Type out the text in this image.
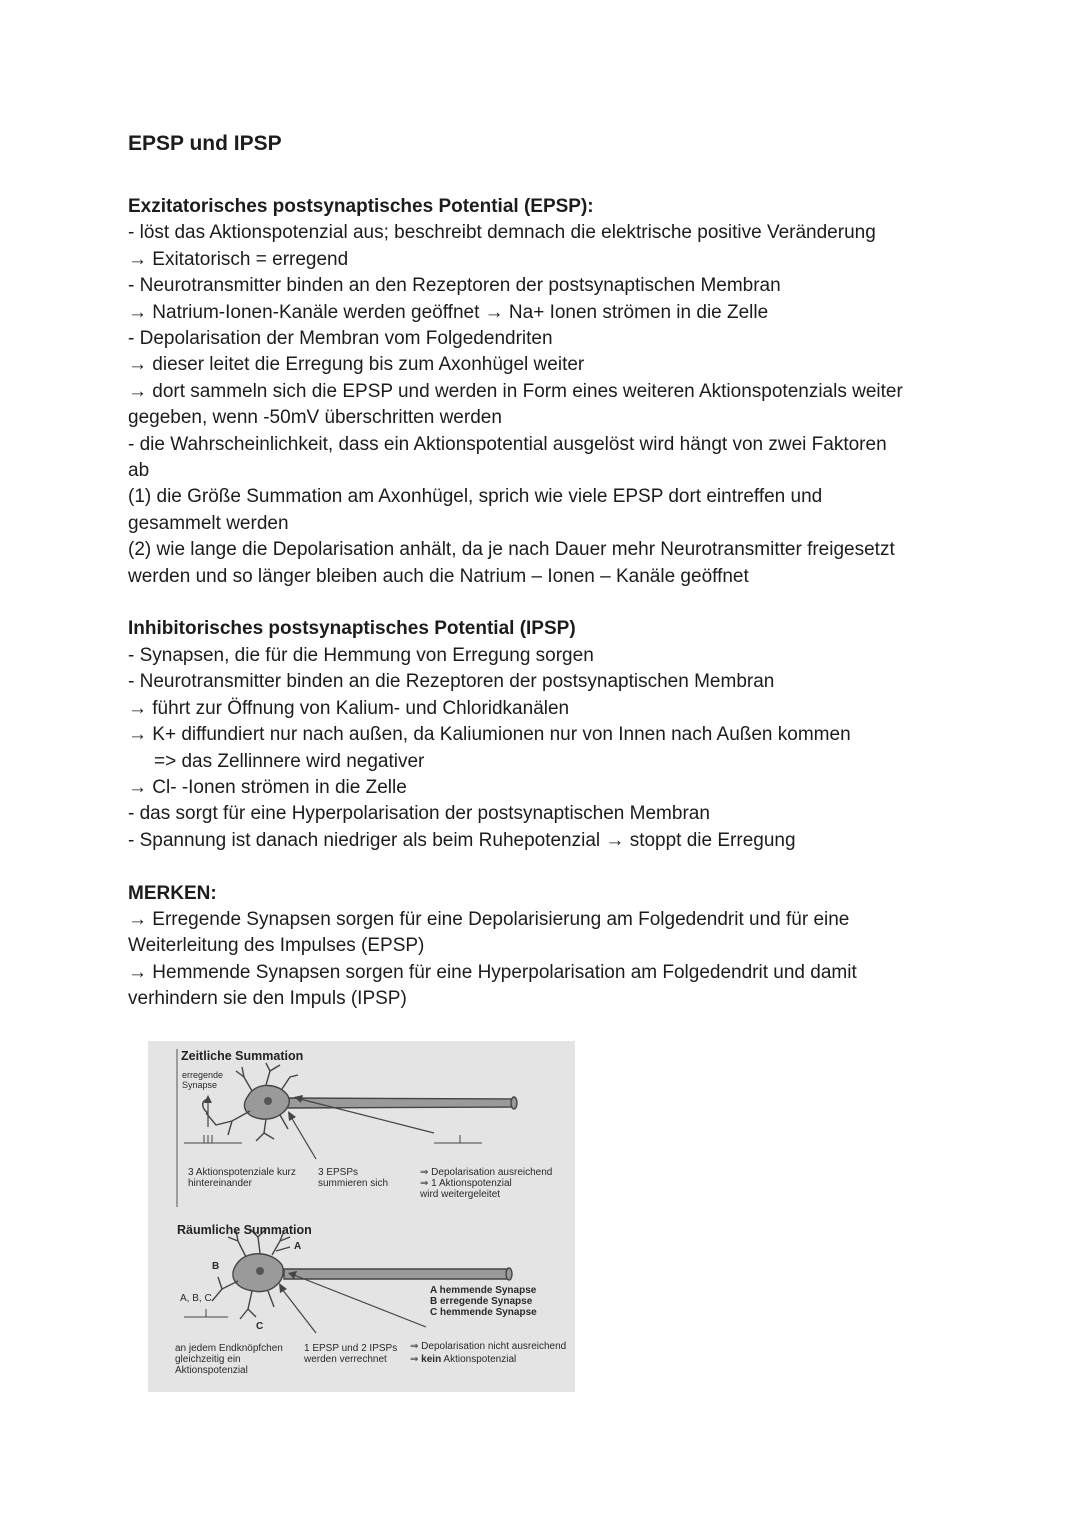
EPSP und IPSP
Exzitatorisches postsynaptisches Potential (EPSP):
- löst das Aktionspotenzial aus; beschreibt demnach die elektrische positive Veränderung
→ Exitatorisch = erregend
- Neurotransmitter binden an den Rezeptoren der postsynaptischen Membran
→ Natrium-Ionen-Kanäle werden geöffnet → Na+ Ionen strömen in die Zelle
- Depolarisation der Membran vom Folgedendriten
→ dieser leitet die Erregung bis zum Axonhügel weiter
→ dort sammeln sich die EPSP und werden in Form eines weiteren Aktionspotenzials weiter
gegeben, wenn -50mV überschritten werden
- die Wahrscheinlichkeit, dass ein Aktionspotential ausgelöst wird hängt von zwei Faktoren
ab
(1) die Größe Summation am Axonhügel, sprich wie viele EPSP dort eintreffen und
gesammelt werden
(2) wie lange die Depolarisation anhält, da je nach Dauer mehr Neurotransmitter freigesetzt
werden und so länger bleiben auch die Natrium – Ionen – Kanäle geöffnet
Inhibitorisches postsynaptisches Potential (IPSP)
- Synapsen, die für die Hemmung von Erregung sorgen
- Neurotransmitter binden an die Rezeptoren der postsynaptischen Membran
→ führt zur Öffnung von Kalium- und Chloridkanälen
→ K+ diffundiert nur nach außen, da Kaliumionen nur von Innen nach Außen kommen
=> das Zellinnere wird negativer
→ Cl- -Ionen strömen in die Zelle
- das sorgt für eine Hyperpolarisation der postsynaptischen Membran
- Spannung ist danach niedriger als beim Ruhepotenzial → stoppt die Erregung
MERKEN:
→ Erregende Synapsen sorgen für eine Depolarisierung am Folgedendrit und für eine
Weiterleitung des Impulses (EPSP)
→ Hemmende Synapsen sorgen für eine Hyperpolarisation am Folgedendrit und damit
verhindern sie den Impuls (IPSP)
Zeitliche Summation
erregende
Synapse
3 Aktionspotenziale kurz
hintereinander
3 EPSPs
summieren sich
⇒ Depolarisation ausreichend
⇒ 1 Aktionspotenzial
wird weitergeleitet
Räumliche Summation
A
B
C
A, B, C
A hemmende Synapse
B erregende Synapse
C hemmende Synapse
an jedem Endknöpfchen
gleichzeitig ein
Aktionspotenzial
1 EPSP und 2 IPSPs
werden verrechnet
⇒ Depolarisation nicht ausreichend
⇒ kein Aktionspotenzial
